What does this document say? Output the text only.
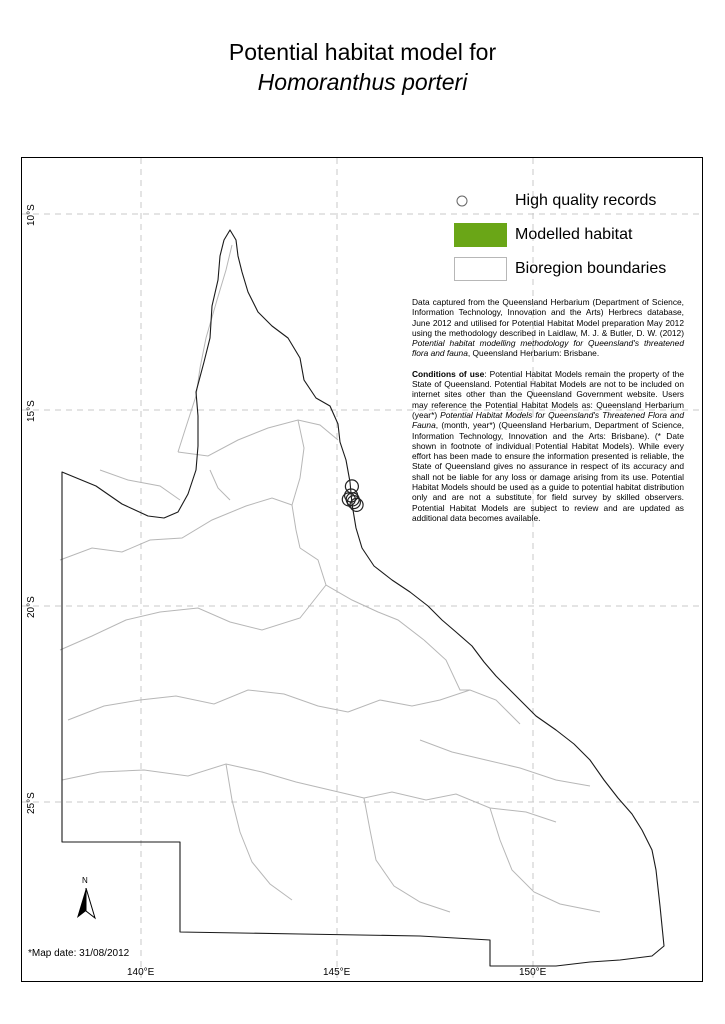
Potential habitat model for
Homoranthus porteri
High quality records
Modelled habitat
Bioregion boundaries

Data captured from the Queensland Herbarium (Department of Science, Information Technology, Innovation and the Arts) Herbrecs database, June 2012 and utilised for Potential Habitat Model preparation May 2012 using the methodology described in Laidlaw, M. J. & Butler, D. W. (2012) Potential habitat modelling methodology for Queensland's threatened flora and fauna, Queensland Herbarium: Brisbane.

Conditions of use: Potential Habitat Models remain the property of the State of Queensland. Potential Habitat Models are not to be included on internet sites other than the Queensland Government website. Users may reference the Potential Habitat Models as: Queensland Herbarium (year*) Potential Habitat Models for Queensland's Threatened Flora and Fauna, (month, year*) (Queensland Herbarium, Department of Science, Information Technology, Innovation and the Arts: Brisbane). (* Date shown in footnote of individual Potential Habitat Models). While every effort has been made to ensure the information presented is reliable, the State of Queensland gives no assurance in respect of its accuracy and shall not be liable for any loss or damage arising from its use. Potential Habitat Models should be used as a guide to potential habitat distribution only and are not a substitute for field survey by skilled observers. Potential Habitat Models are subject to review and are updated as additional data becomes available.

10°S
15°S
20°S
25°S
140°E	145°E	150°E
N
*Map date: 31/08/2012
